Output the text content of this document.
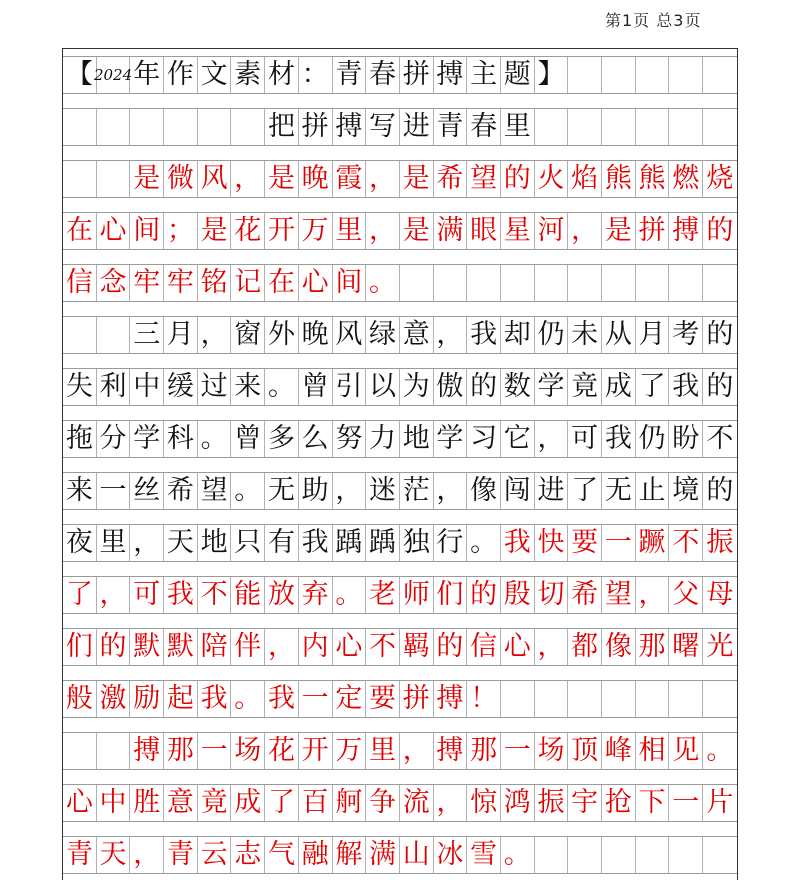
第1页 总3页
【 2024 年 作 文 素 材 ： 青 春 拼 搏 主 题 】
把 拼 搏 写 进 青 春 里
是 微 风 ， 是 晚 霞 ， 是 希 望 的 火 焰 熊 熊 燃 烧
在 心 间 ； 是 花 开 万 里 ， 是 满 眼 星 河 ， 是 拼 搏 的
信 念 牢 牢 铭 记 在 心 间 。
三 月 ， 窗 外 晚 风 绿 意 ， 我 却 仍 未 从 月 考 的
失 利 中 缓 过 来 。 曾 引 以 为 傲 的 数 学 竟 成 了 我 的
拖 分 学 科 。 曾 多 么 努 力 地 学 习 它 ， 可 我 仍 盼 不
来 一 丝 希 望 。 无 助 ， 迷 茫 ， 像 闯 进 了 无 止 境 的
夜 里 ， 天 地 只 有 我 踽 踽 独 行 。 我 快 要 一 蹶 不 振
了 ， 可 我 不 能 放 弃 。 老 师 们 的 殷 切 希 望 ， 父 母
们 的 默 默 陪 伴 ， 内 心 不 羁 的 信 心 ， 都 像 那 曙 光
般 激 励 起 我 。 我 一 定 要 拼 搏 ！
搏 那 一 场 花 开 万 里 ， 搏 那 一 场 顶 峰 相 见 。
心 中 胜 意 竟 成 了 百 舸 争 流 ， 惊 鸿 振 宇 抢 下 一 片
青 天 ， 青 云 志 气 融 解 满 山 冰 雪 。
